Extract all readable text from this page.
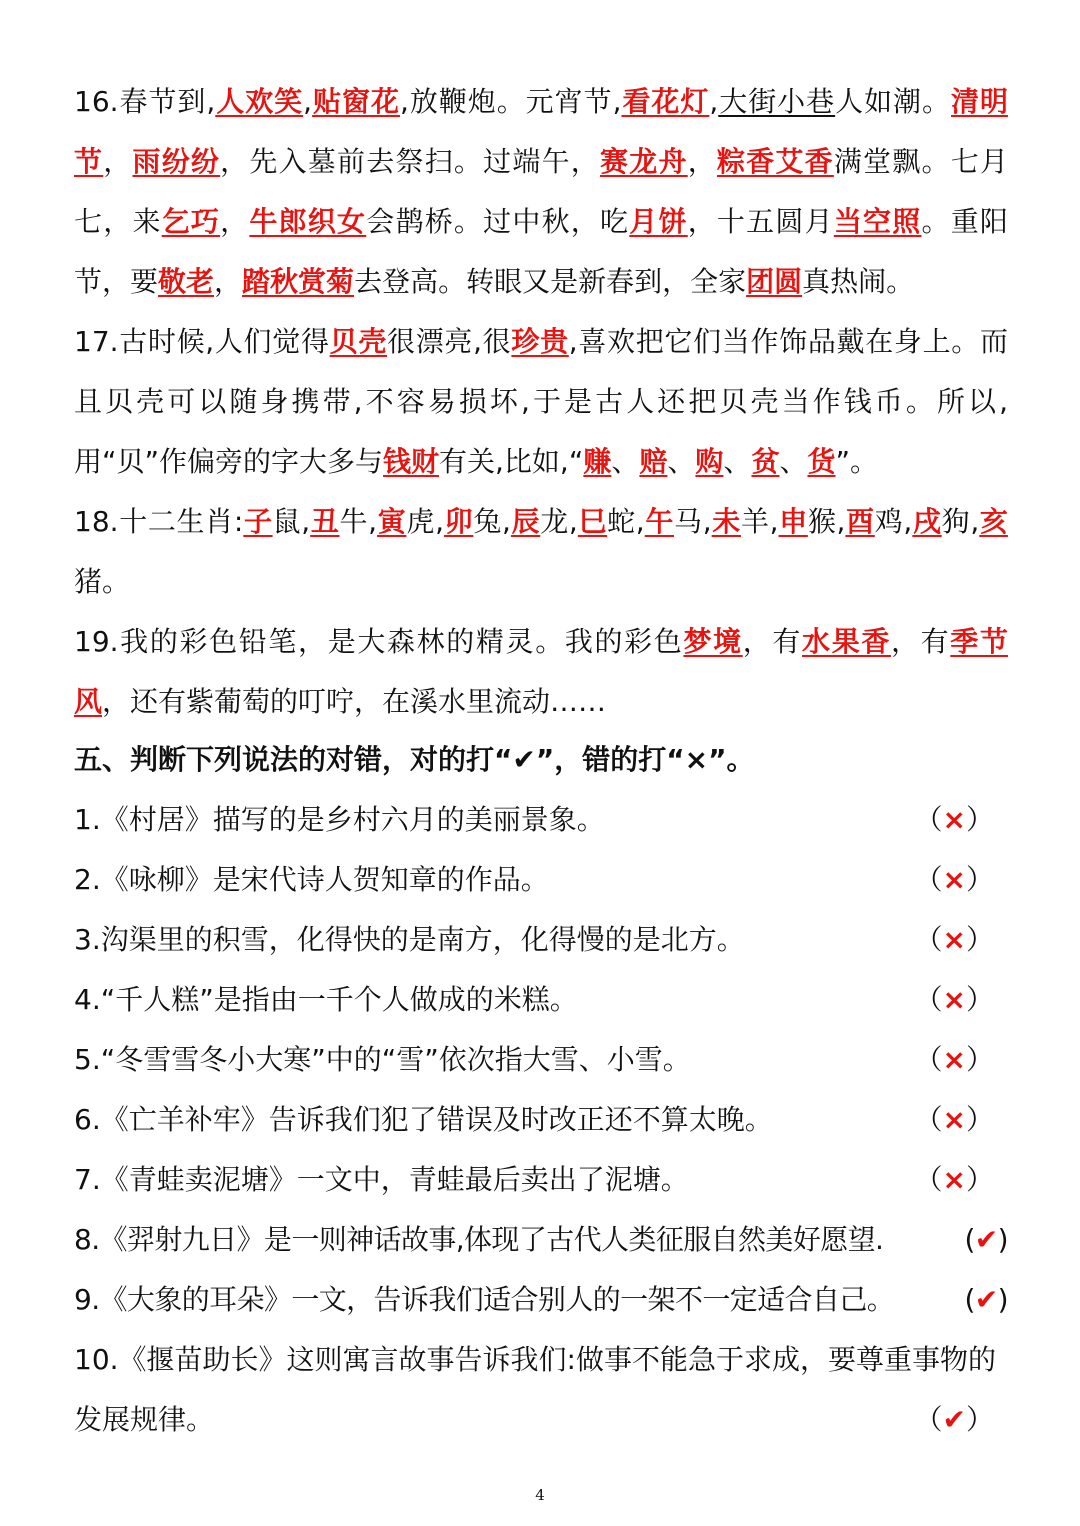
16.春节到,人欢笑,贴窗花,放鞭炮。元宵节,看花灯,大街小巷人如潮。清明节，雨纷纷，先入墓前去祭扫。过端午，赛龙舟，粽香艾香满堂飘。七月七，来乞巧，牛郎织女会鹊桥。过中秋，吃月饼，十五圆月当空照。重阳节，要敬老，踏秋赏菊去登高。转眼又是新春到，全家团圆真热闹。

17.古时候,人们觉得贝壳很漂亮,很珍贵,喜欢把它们当作饰品戴在身上。而且贝壳可以随身携带,不容易损坏,于是古人还把贝壳当作钱币。所以,用“贝”作偏旁的字大多与钱财有关,比如,“赚、赔、购、贫、货”。

18.十二生肖:子鼠,丑牛,寅虎,卯兔,辰龙,巳蛇,午马,未羊,申猴,酉鸡,戌狗,亥猪。

19.我的彩色铅笔，是大森林的精灵。我的彩色梦境，有水果香，有季节风，还有紫葡萄的叮咛，在溪水里流动……

五、判断下列说法的对错，对的打“✔”，错的打“×”。

1.《村居》描写的是乡村六月的美丽景象。	（×）
2.《咏柳》是宋代诗人贺知章的作品。	（×）
3.沟渠里的积雪，化得快的是南方，化得慢的是北方。	（×）
4.“千人糕”是指由一千个人做成的米糕。	（×）
5.“冬雪雪冬小大寒”中的“雪”依次指大雪、小雪。	（×）
6.《亡羊补牢》告诉我们犯了错误及时改正还不算太晚。	（×）
7.《青蛙卖泥塘》一文中，青蛙最后卖出了泥塘。	（×）
8.《羿射九日》是一则神话故事,体现了古代人类征服自然美好愿望.	(✔)
9.《大象的耳朵》一文，告诉我们适合别人的一架不一定适合自己。	(✔)
10.《揠苗助长》这则寓言故事告诉我们:做事不能急于求成，要尊重事物的发展规律。	（✔）
4
